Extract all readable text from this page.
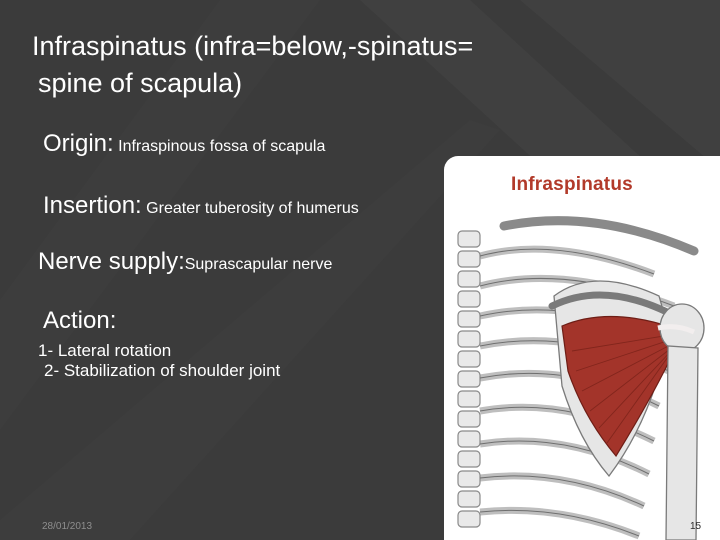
Infraspinatus (infra=below,-spinatus=
spine of scapula)
Origin: Infraspinous fossa of scapula
Insertion: Greater tuberosity of humerus
Nerve supply:Suprascapular nerve
Action:
1- Lateral rotation
2- Stabilization of shoulder joint
Infraspinatus
28/01/2013	15
